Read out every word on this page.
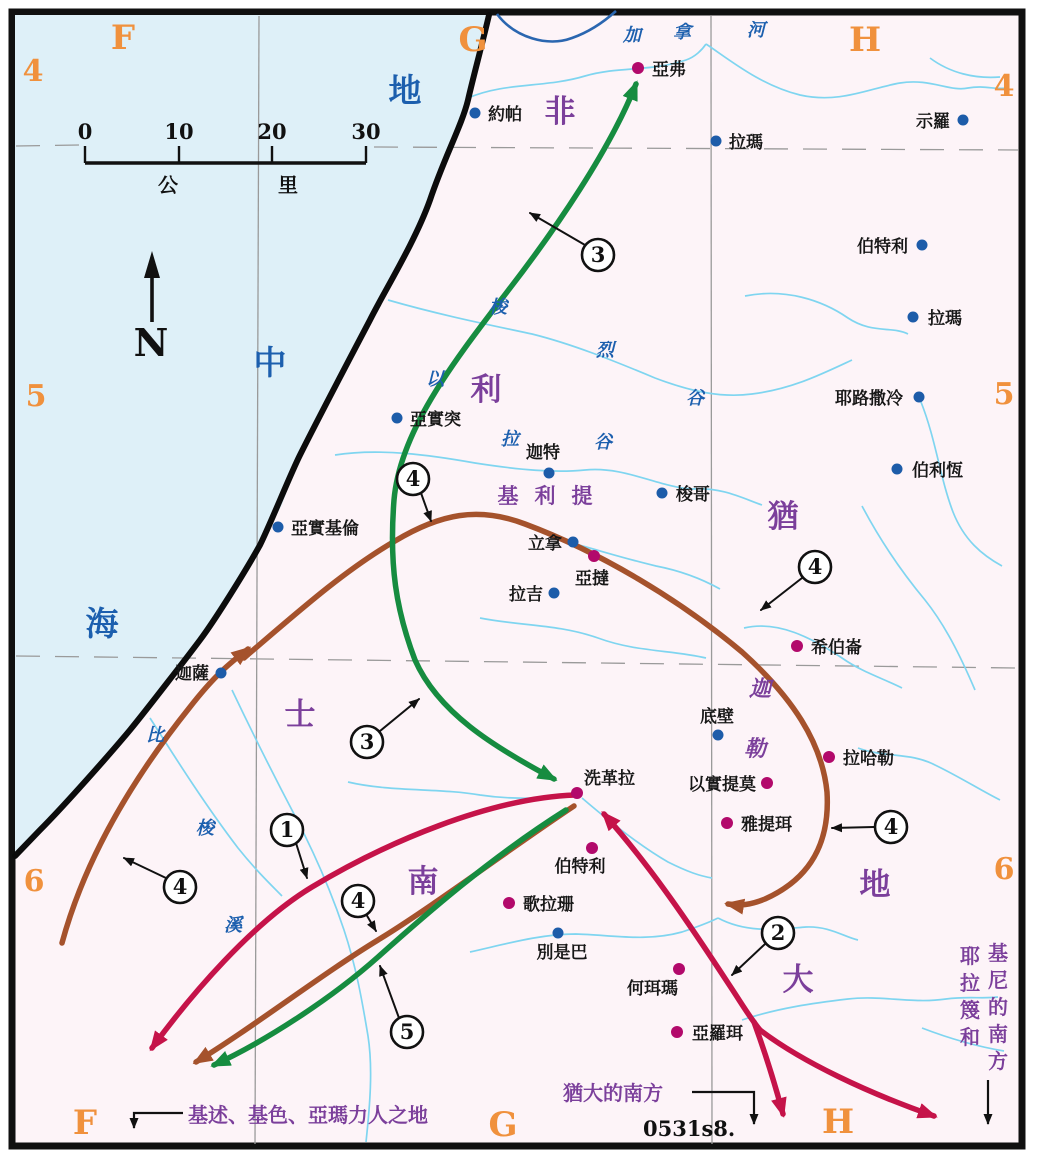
地
中
海
加 拿	河
梭
烈
谷
以
拉	谷
比
梭
溪
非
利
士
猶
大
南	地
基 利 提
迦
勒
約帕
拉瑪
示羅
伯特利
拉瑪
耶路撒冷
伯利恆
亞實突
迦特
梭哥
立拿
拉吉
亞實基倫
迦薩
底壁
別是巴
亞弗
亞撻
希伯崙
拉哈勒
以實提莫
雅提珥
洗革拉
伯特利
歌拉珊
何珥瑪
亞羅珥
1
2
3
3
4
4
4
4
4
5
0	10	20	30
公	里
N
F	G	H
F	G	H
4
5
6
4
5
6
基述、基色、亞瑪力人之地
猶大的南方
耶
拉
篾
和
基
尼
的
南
方
0531s8.
